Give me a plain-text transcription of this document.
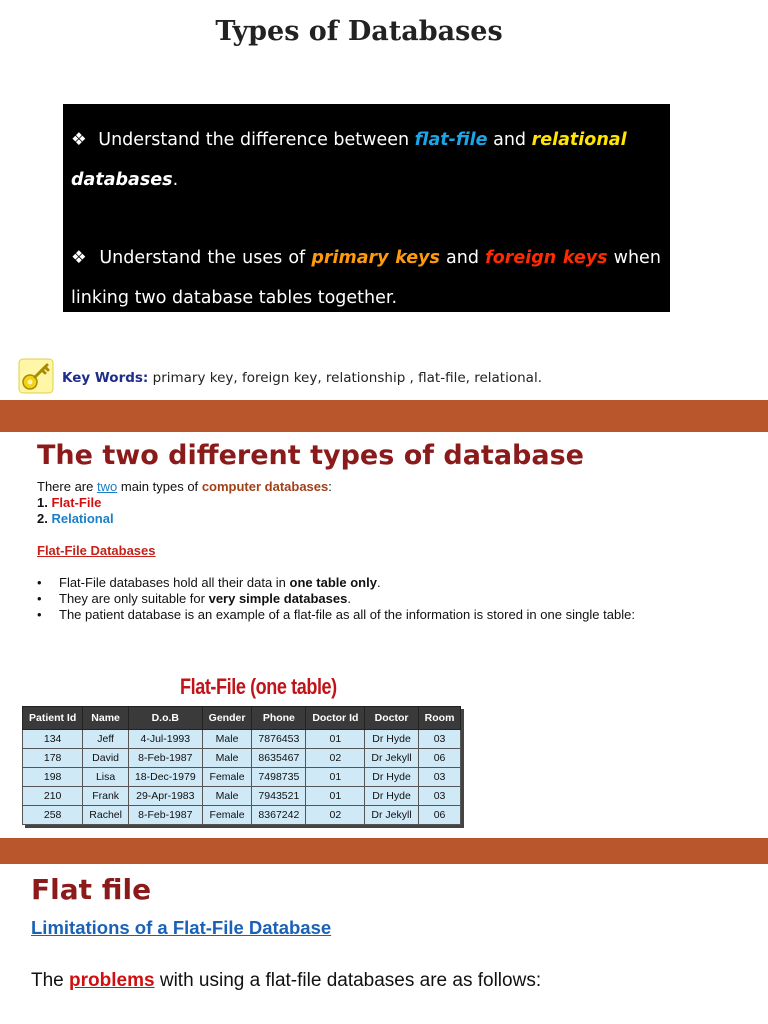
Types of Databases
❖ Understand the difference between flat-file and relational
databases.
❖ Understand the uses of primary keys and foreign keys when linking two database tables together.
Key Words: primary key, foreign key, relationship , flat-file, relational.
The two different types of database
There are two main types of computer databases:
1. Flat-File
2. Relational
Flat-File Databases
• Flat-File databases hold all their data in one table only.
• They are only suitable for very simple databases.
• The patient database is an example of a flat-file as all of the information is stored in one single table:
Flat-File (one table)
Patient Id	Name	D.o.B	Gender	Phone	Doctor Id	Doctor	Room
134	Jeff	4-Jul-1993	Male	7876453	01	Dr Hyde	03
178	David	8-Feb-1987	Male	8635467	02	Dr Jekyll	06
198	Lisa	18-Dec-1979	Female	7498735	01	Dr Hyde	03
210	Frank	29-Apr-1983	Male	7943521	01	Dr Hyde	03
258	Rachel	8-Feb-1987	Female	8367242	02	Dr Jekyll	06
Flat file
Limitations of a Flat-File Database
The problems with using a flat-file databases are as follows:
